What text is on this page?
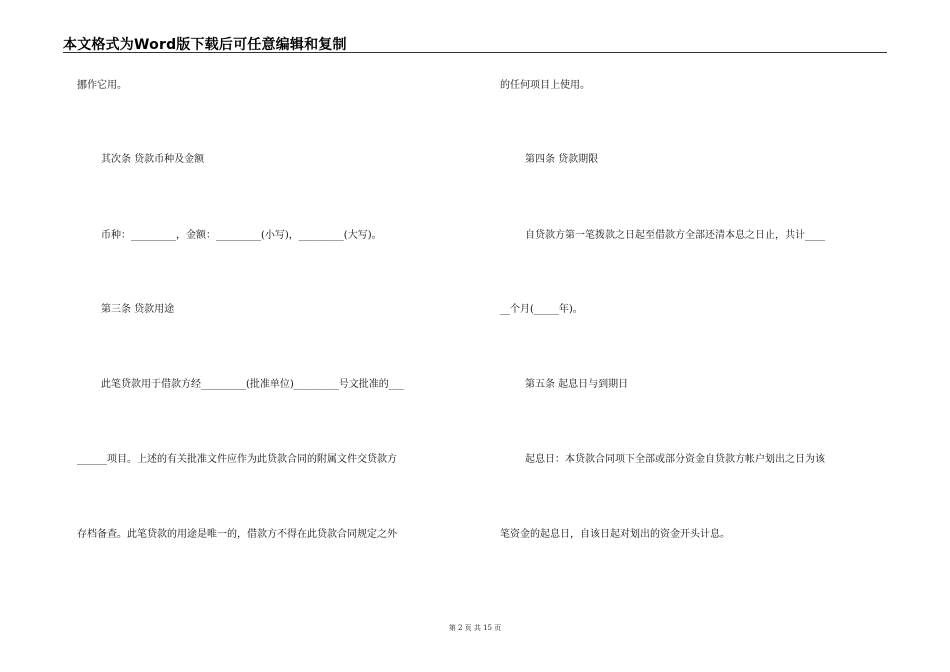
本文格式为Word版下载后可任意编辑和复制
挪作它用。
其次条 贷款币种及金额
币种：_________，金额：_________(小写)，_________(大写)。
第三条 贷款用途
此笔贷款用于借款方经_________(批准单位)_________号文批准的___
______项目。上述的有关批准文件应作为此贷款合同的附属文件交贷款方
存档备查。此笔贷款的用途是唯一的，借款方不得在此贷款合同规定之外
的任何项目上使用。
第四条 贷款期限
自贷款方第一笔拨款之日起至借款方全部还清本息之日止，共计____
__个月(_____年)。
第五条 起息日与到期日
起息日：本贷款合同项下全部或部分资金自贷款方帐户划出之日为该
笔资金的起息日，自该日起对划出的资金开头计息。
第 2 页 共 15 页
